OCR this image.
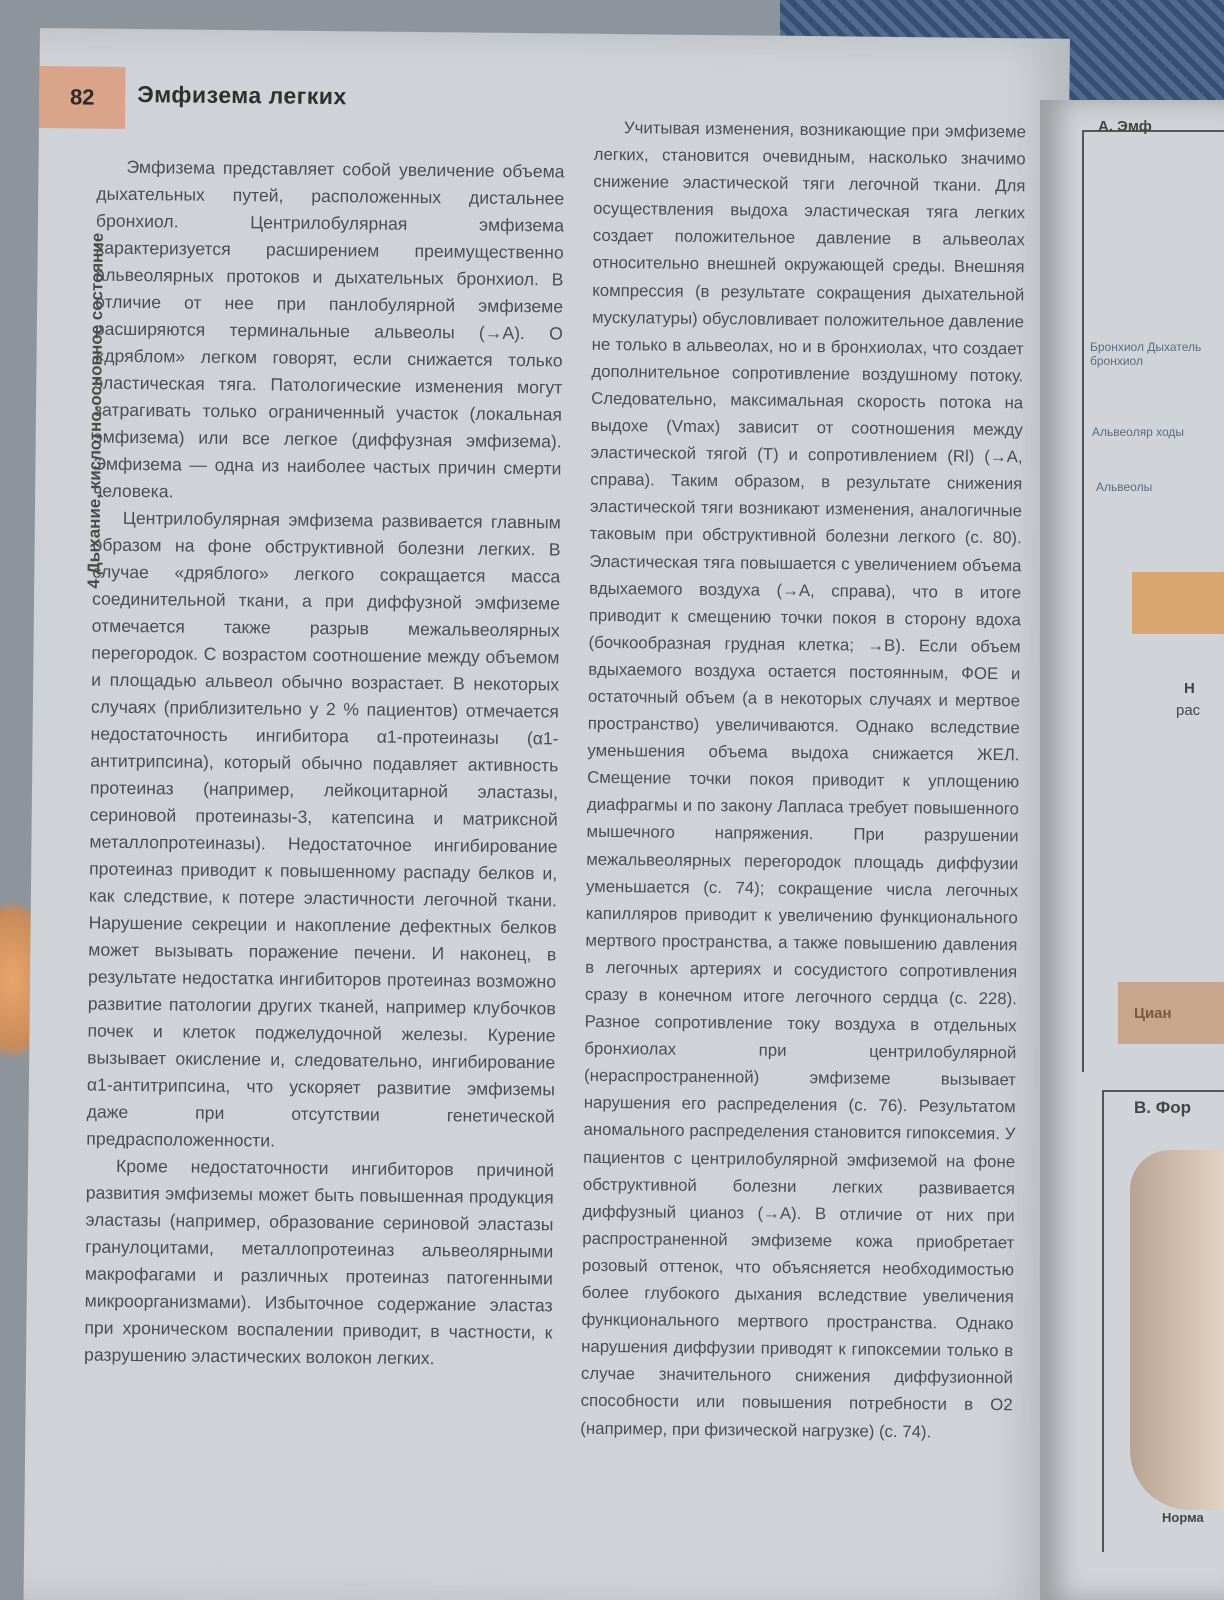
82	Эмфизема легких
4 Дыхание, кислотно-основное состояние

Эмфизема представляет собой увеличение объема дыхательных путей, расположенных дистальнее бронхиол. Центрилобулярная эмфизема характеризуется расширением преимущественно альвеолярных протоков и дыхательных бронхиол. В отличие от нее при панлобулярной эмфиземе расширяются терминальные альвеолы (→A). О «дряблом» легком говорят, если снижается только эластическая тяга. Патологические изменения могут затрагивать только ограниченный участок (локальная эмфизема) или все легкое (диффузная эмфизема). Эмфизема — одна из наиболее частых причин смерти человека.

Центрилобулярная эмфизема развивается главным образом на фоне обструктивной болезни легких. В случае «дряблого» легкого сокращается масса соединительной ткани, а при диффузной эмфиземе отмечается также разрыв межальвеолярных перегородок. С возрастом соотношение между объемом и площадью альвеол обычно возрастает. В некоторых случаях (приблизительно у 2 % пациентов) отмечается недостаточность ингибитора α1-протеиназы (α1-антитрипсина), который обычно подавляет активность протеиназ (например, лейкоцитарной эластазы, сериновой протеиназы-3, катепсина и матриксной металлопротеиназы). Недостаточное ингибирование протеиназ приводит к повышенному распаду белков и, как следствие, к потере эластичности легочной ткани. Нарушение секреции и накопление дефектных белков может вызывать поражение печени. И наконец, в результате недостатка ингибиторов протеиназ возможно развитие патологии других тканей, например клубочков почек и клеток поджелудочной железы. Курение вызывает окисление и, следовательно, ингибирование α1-антитрипсина, что ускоряет развитие эмфиземы даже при отсутствии генетической предрасположенности.

Кроме недостаточности ингибиторов причиной развития эмфиземы может быть повышенная продукция эластазы (например, образование сериновой эластазы гранулоцитами, металлопротеиназ альвеолярными макрофагами и различных протеиназ патогенными микроорганизмами). Избыточное содержание эластаз при хроническом воспалении приводит, в частности, к разрушению эластических волокон легких.

Учитывая изменения, возникающие при эмфиземе легких, становится очевидным, насколько значимо снижение эластической тяги легочной ткани. Для осуществления выдоха эластическая тяга легких создает положительное давление в альвеолах относительно внешней окружающей среды. Внешняя компрессия (в результате сокращения дыхательной мускулатуры) обусловливает положительное давление не только в альвеолах, но и в бронхиолах, что создает дополнительное сопротивление воздушному потоку. Следовательно, максимальная скорость потока на выдохе (Vmax) зависит от соотношения между эластической тягой (T) и сопротивлением (Rl) (→A, справа). Таким образом, в результате снижения эластической тяги возникают изменения, аналогичные таковым при обструктивной болезни легкого (с. 80). Эластическая тяга повышается с увеличением объема вдыхаемого воздуха (→A, справа), что в итоге приводит к смещению точки покоя в сторону вдоха (бочкообразная грудная клетка; →B). Если объем вдыхаемого воздуха остается постоянным, ФОЕ и остаточный объем (а в некоторых случаях и мертвое пространство) увеличиваются. Однако вследствие уменьшения объема выдоха снижается ЖЕЛ. Смещение точки покоя приводит к уплощению диафрагмы и по закону Лапласа требует повышенного мышечного напряжения. При разрушении межальвеолярных перегородок площадь диффузии уменьшается (с. 74); сокращение числа легочных капилляров приводит к увеличению функционального мертвого пространства, а также повышению давления в легочных артериях и сосудистого сопротивления сразу в конечном итоге легочного сердца (с. 228). Разное сопротивление току воздуха в отдельных бронхиолах при центрилобулярной (нераспространенной) эмфиземе вызывает нарушения его распределения (с. 76). Результатом аномального распределения становится гипоксемия. У пациентов с центрилобулярной эмфиземой на фоне обструктивной болезни легких развивается диффузный цианоз (→A). В отличие от них при распространенной эмфиземе кожа приобретает розовый оттенок, что объясняется необходимостью более глубокого дыхания вследствие увеличения функционального мертвого пространства. Однако нарушения диффузии приводят к гипоксемии только в случае значительного снижения диффузионной способности или повышения потребности в O2 (например, при физической нагрузке) (с. 74).

А. Эмф
Бронхиол Дыхатель бронхиол
Альвеоляр ходы
Альвеолы
Н
рас
Циан
В. Фор
Норма
